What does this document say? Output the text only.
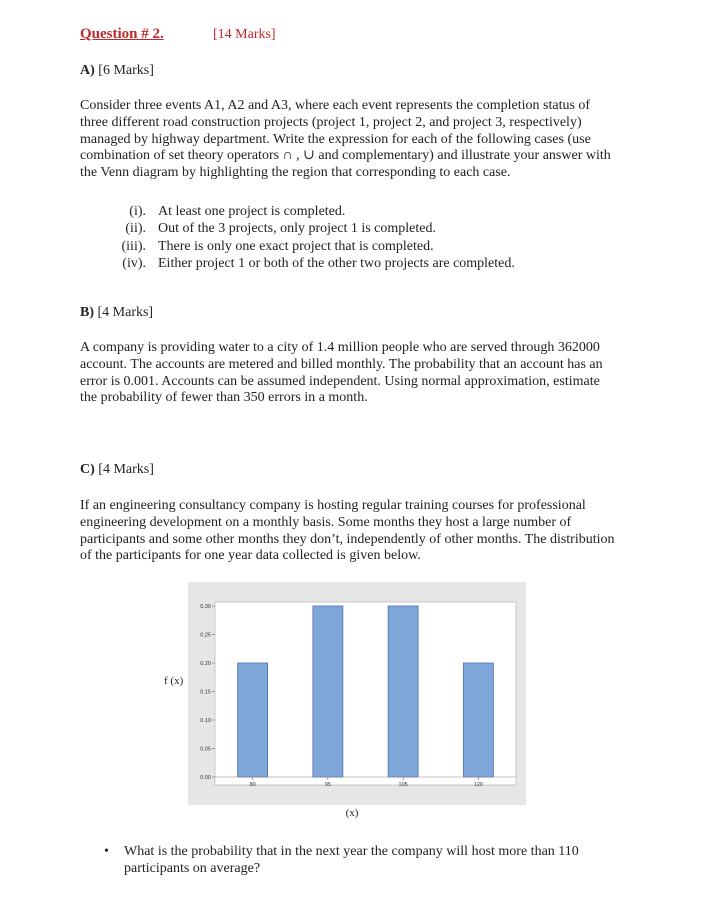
Question # 2.	[14 Marks]
A) [6 Marks]
Consider three events A1, A2 and A3, where each event represents the completion status of
three different road construction projects (project 1, project 2, and project 3, respectively)
managed by highway department. Write the expression for each of the following cases (use
combination of set theory operators ∩ , ∪ and complementary) and illustrate your answer with
the Venn diagram by highlighting the region that corresponding to each case.
(i). At least one project is completed.
(ii). Out of the 3 projects, only project 1 is completed.
(iii). There is only one exact project that is completed.
(iv). Either project 1 or both of the other two projects are completed.
B) [4 Marks]
A company is providing water to a city of 1.4 million people who are served through 362000
account. The accounts are metered and billed monthly. The probability that an account has an
error is 0.001. Accounts can be assumed independent. Using normal approximation, estimate
the probability of fewer than 350 errors in a month.
C) [4 Marks]
If an engineering consultancy company is hosting regular training courses for professional
engineering development on a monthly basis. Some months they host a large number of
participants and some other months they don’t, independently of other months. The distribution
of the participants for one year data collected is given below.
0.00
0.05
0.10
0.15
0.20
0.25
0.30
80	95	105	120
f (x)
(x)
• What is the probability that in the next year the company will host more than 110
participants on average?
